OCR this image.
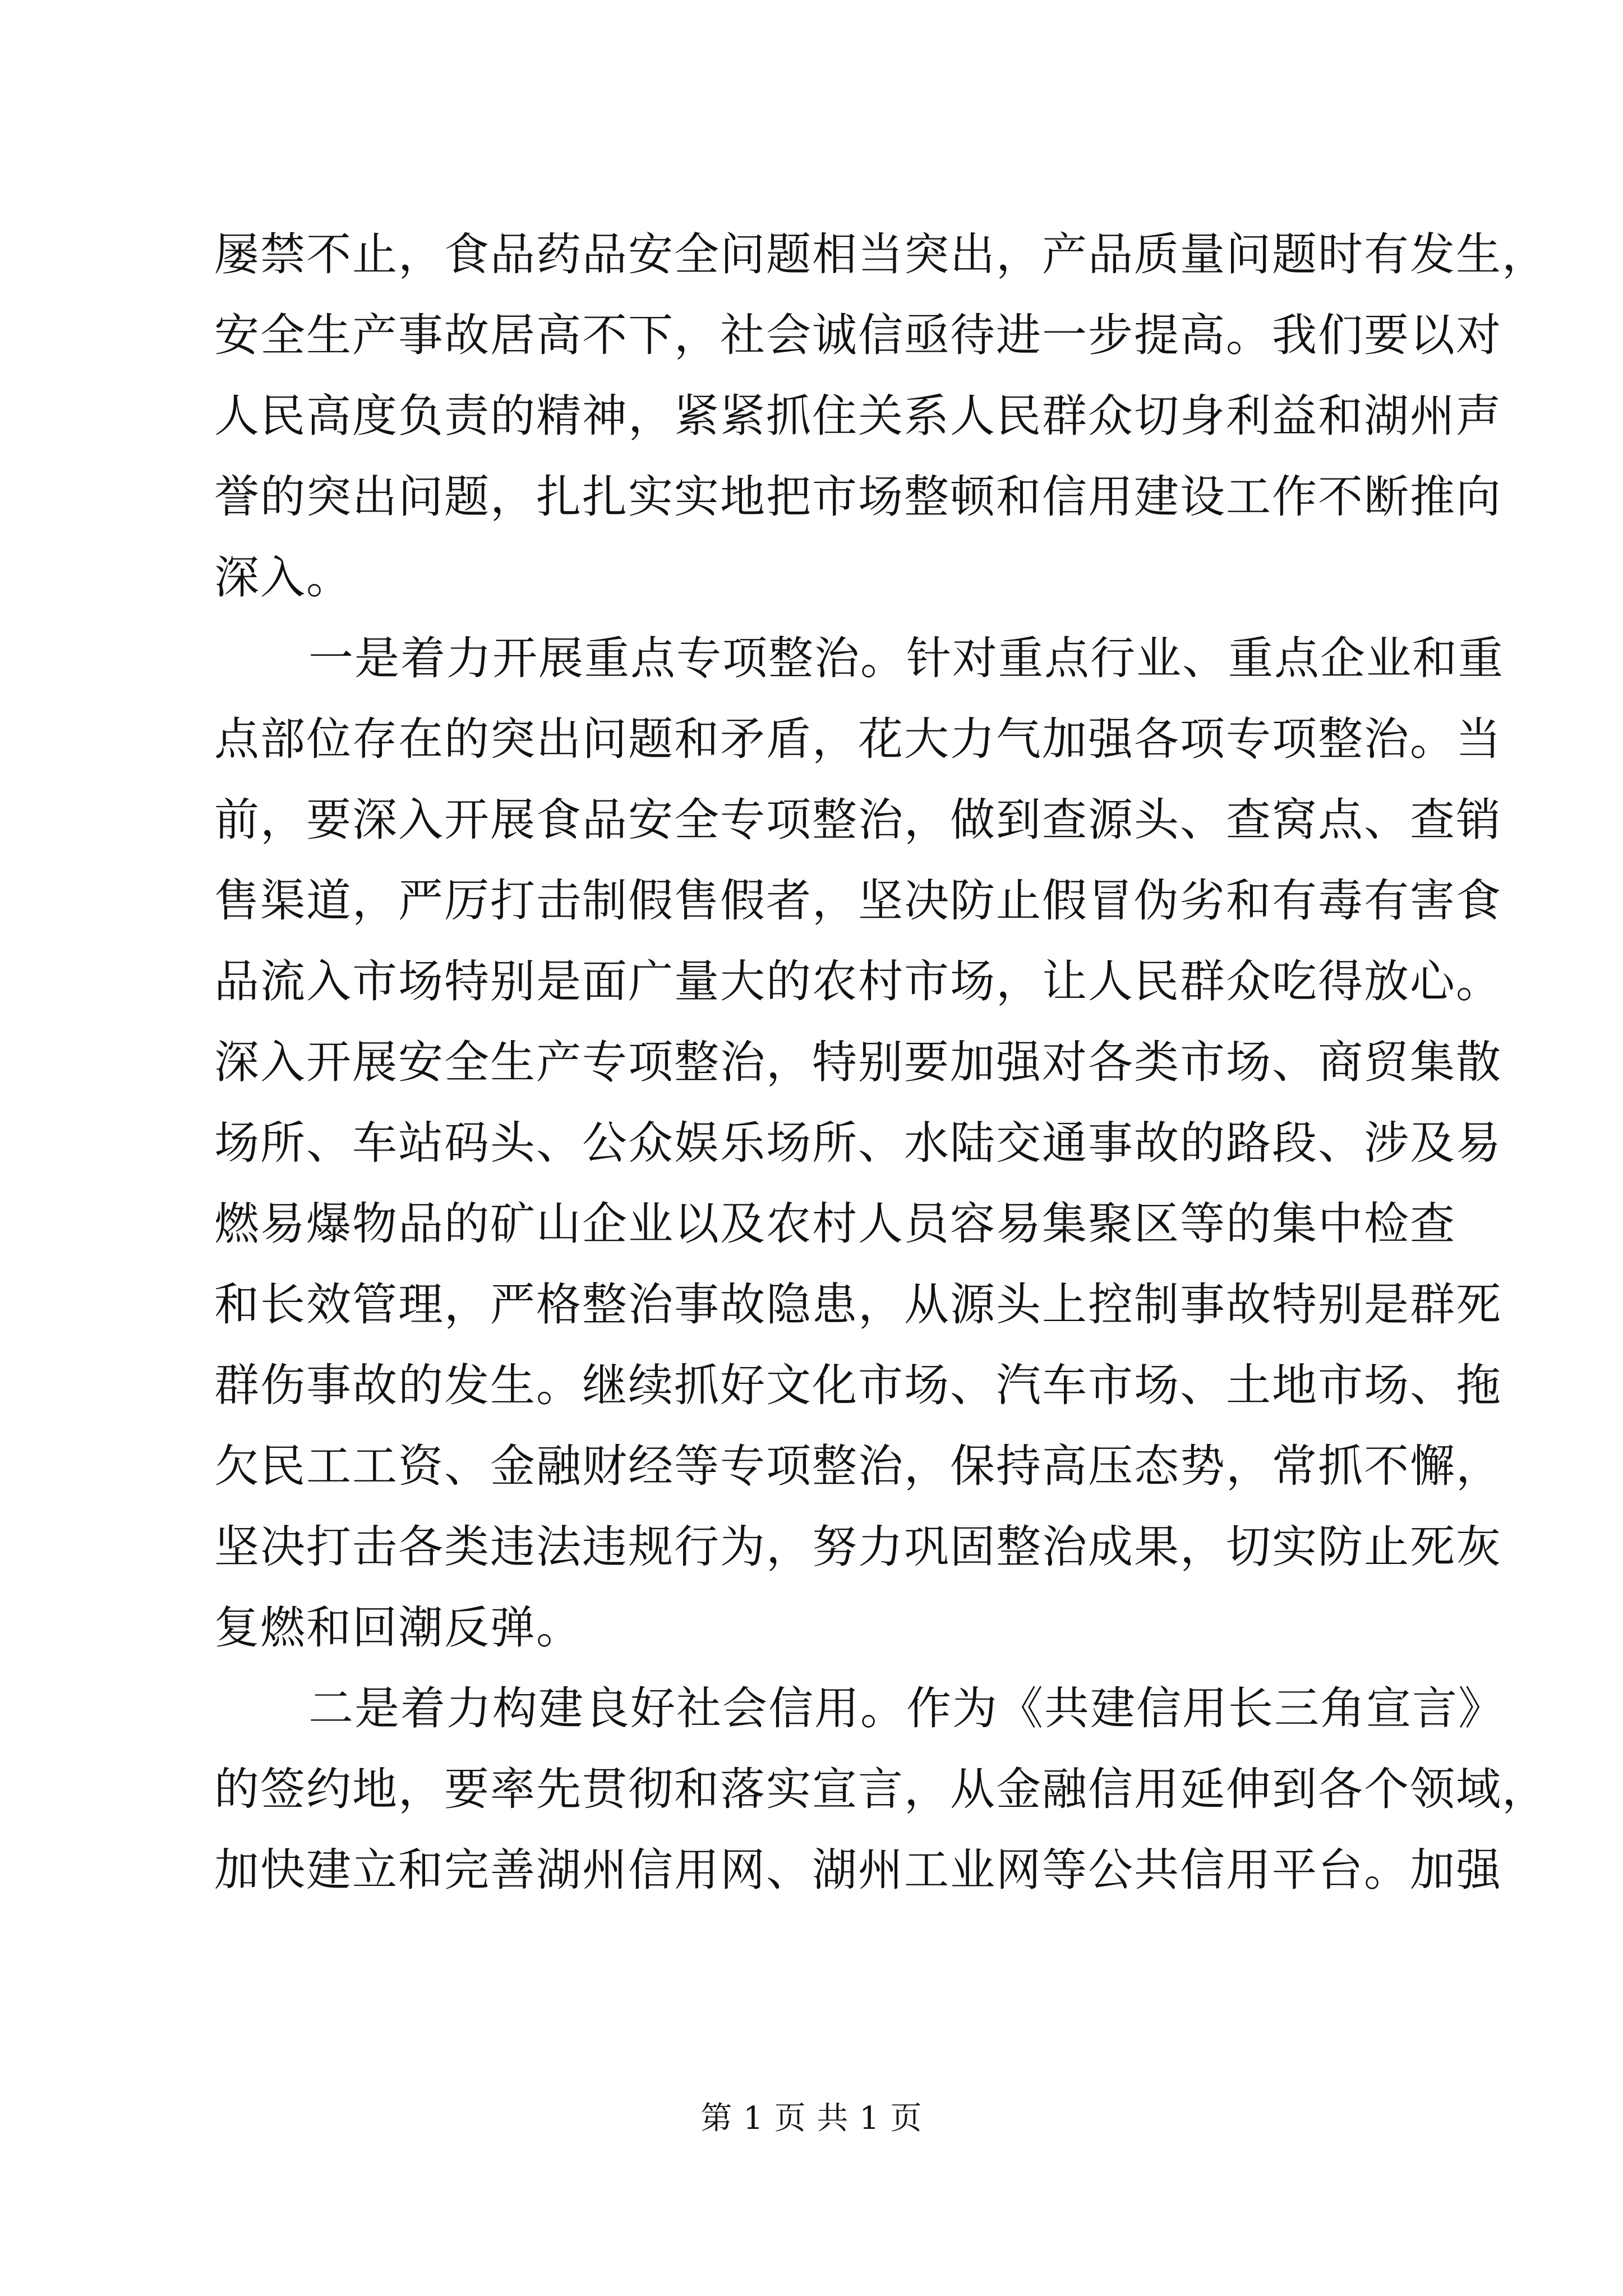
屡禁不止，食品药品安全问题相当突出，产品质量问题时有发生，
安全生产事故居高不下，社会诚信亟待进一步提高。我们要以对
人民高度负责的精神，紧紧抓住关系人民群众切身利益和湖州声
誉的突出问题，扎扎实实地把市场整顿和信用建设工作不断推向
深入。
一是着力开展重点专项整治。针对重点行业、重点企业和重
点部位存在的突出问题和矛盾，花大力气加强各项专项整治。当
前，要深入开展食品安全专项整治，做到查源头、查窝点、查销
售渠道，严厉打击制假售假者，坚决防止假冒伪劣和有毒有害食
品流入市场特别是面广量大的农村市场，让人民群众吃得放心。
深入开展安全生产专项整治，特别要加强对各类市场、商贸集散
场所、车站码头、公众娱乐场所、水陆交通事故的路段、涉及易
燃易爆物品的矿山企业以及农村人员容易集聚区等的集中检查
和长效管理，严格整治事故隐患，从源头上控制事故特别是群死
群伤事故的发生。继续抓好文化市场、汽车市场、土地市场、拖
欠民工工资、金融财经等专项整治，保持高压态势，常抓不懈，
坚决打击各类违法违规行为，努力巩固整治成果，切实防止死灰
复燃和回潮反弹。
二是着力构建良好社会信用。作为《共建信用长三角宣言》
的签约地，要率先贯彻和落实宣言，从金融信用延伸到各个领域，
加快建立和完善湖州信用网、湖州工业网等公共信用平台。加强
第 1 页 共 1 页
